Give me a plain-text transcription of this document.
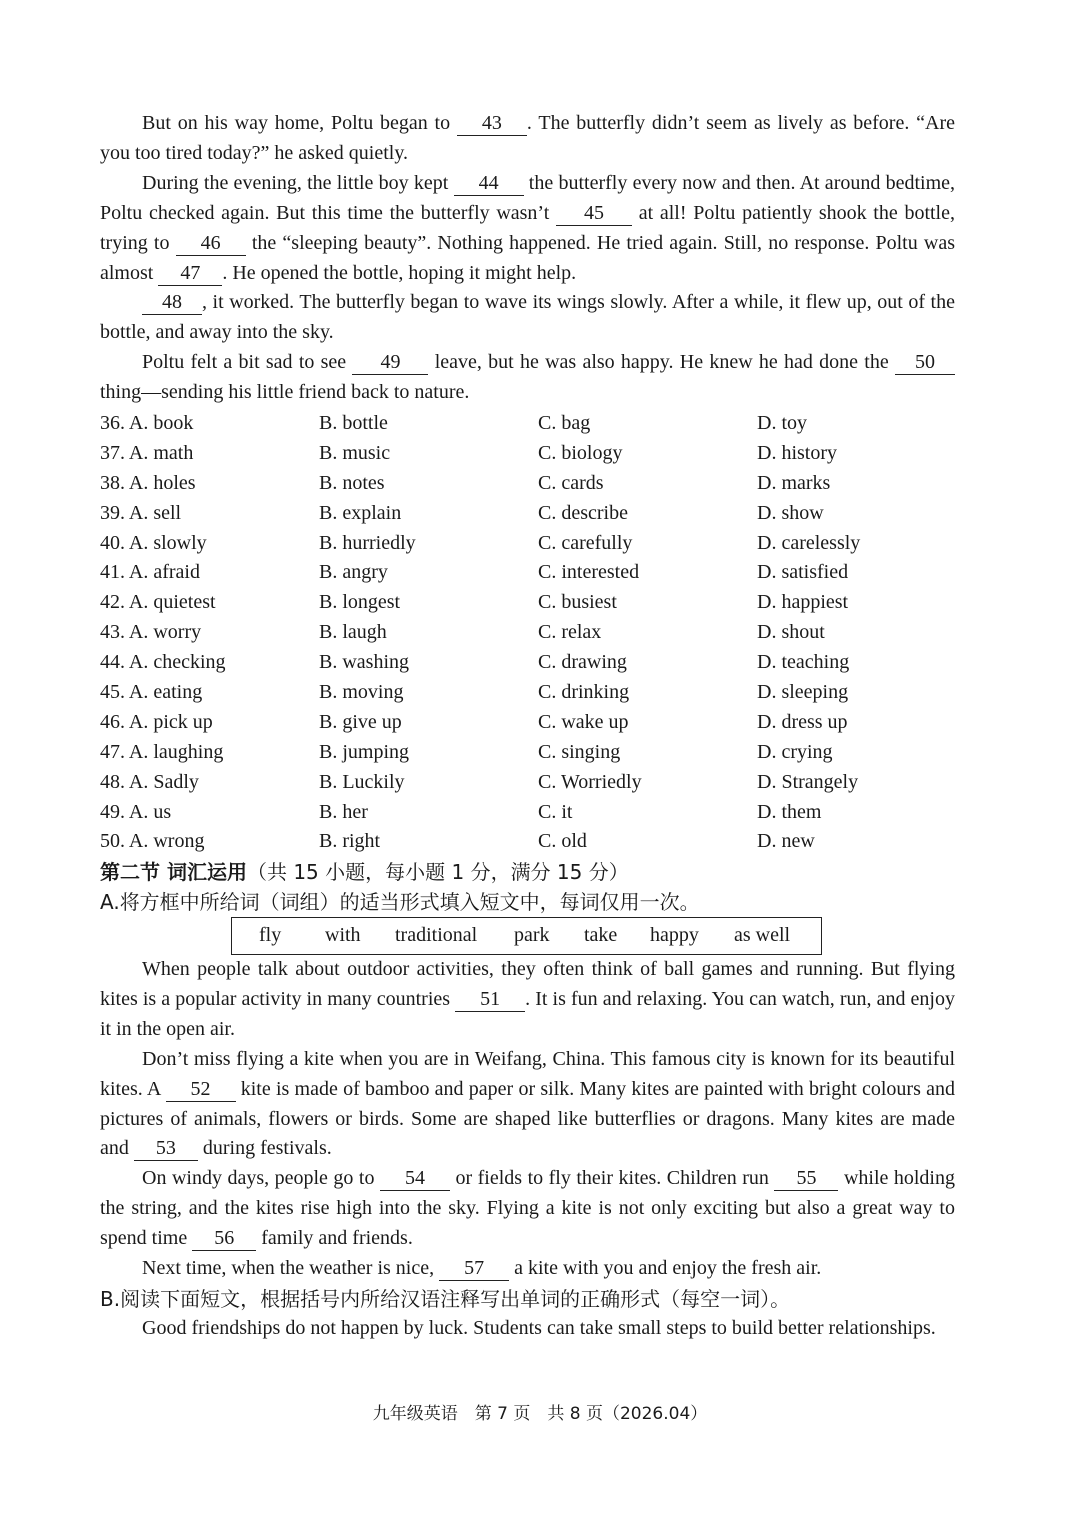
But on his way home, Poltu began to 43 . The butterfly didn’t seem as lively as before. “Are you too tired today?” he asked quietly.

During the evening, the little boy kept 44 the butterfly every now and then. At around bedtime, Poltu checked again. But this time the butterfly wasn’t 45 at all! Poltu patiently shook the bottle, trying to 46 the “sleeping beauty”. Nothing happened. He tried again. Still, no response. Poltu was almost 47 . He opened the bottle, hoping it might help.

48 , it worked. The butterfly began to wave its wings slowly. After a while, it flew up, out of the bottle, and away into the sky.

Poltu felt a bit sad to see 49 leave, but he was also happy. He knew he had done the 50 thing—sending his little friend back to nature.

36. A. book	B. bottle	C. bag	D. toy
37. A. math	B. music	C. biology	D. history
38. A. holes	B. notes	C. cards	D. marks
39. A. sell	B. explain	C. describe	D. show
40. A. slowly	B. hurriedly	C. carefully	D. carelessly
41. A. afraid	B. angry	C. interested	D. satisfied
42. A. quietest	B. longest	C. busiest	D. happiest
43. A. worry	B. laugh	C. relax	D. shout
44. A. checking	B. washing	C. drawing	D. teaching
45. A. eating	B. moving	C. drinking	D. sleeping
46. A. pick up	B. give up	C. wake up	D. dress up
47. A. laughing	B. jumping	C. singing	D. crying
48. A. Sadly	B. Luckily	C. Worriedly	D. Strangely
49. A. us	B. her	C. it	D. them
50. A. wrong	B. right	C. old	D. new
第二节 词汇运用（共 15 小题，每小题 1 分，满分 15 分）
A.将方框中所给词（词组）的适当形式填入短文中，每词仅用一次。
fly with traditional park take happy as well

When people talk about outdoor activities, they often think of ball games and running. But flying kites is a popular activity in many countries 51 . It is fun and relaxing. You can watch, run, and enjoy it in the open air.

Don’t miss flying a kite when you are in Weifang, China. This famous city is known for its beautiful kites. A 52 kite is made of bamboo and paper or silk. Many kites are painted with bright colours and pictures of animals, flowers or birds. Some are shaped like butterflies or dragons. Many kites are made and 53 during festivals.

On windy days, people go to 54 or fields to fly their kites. Children run 55 while holding the string, and the kites rise high into the sky. Flying a kite is not only exciting but also a great way to spend time 56 family and friends.

Next time, when the weather is nice, 57 a kite with you and enjoy the fresh air.

B.阅读下面短文，根据括号内所给汉语注释写出单词的正确形式（每空一词）。

Good friendships do not happen by luck. Students can take small steps to build better relationships.

九年级英语　第 7 页　共 8 页（2026.04）
